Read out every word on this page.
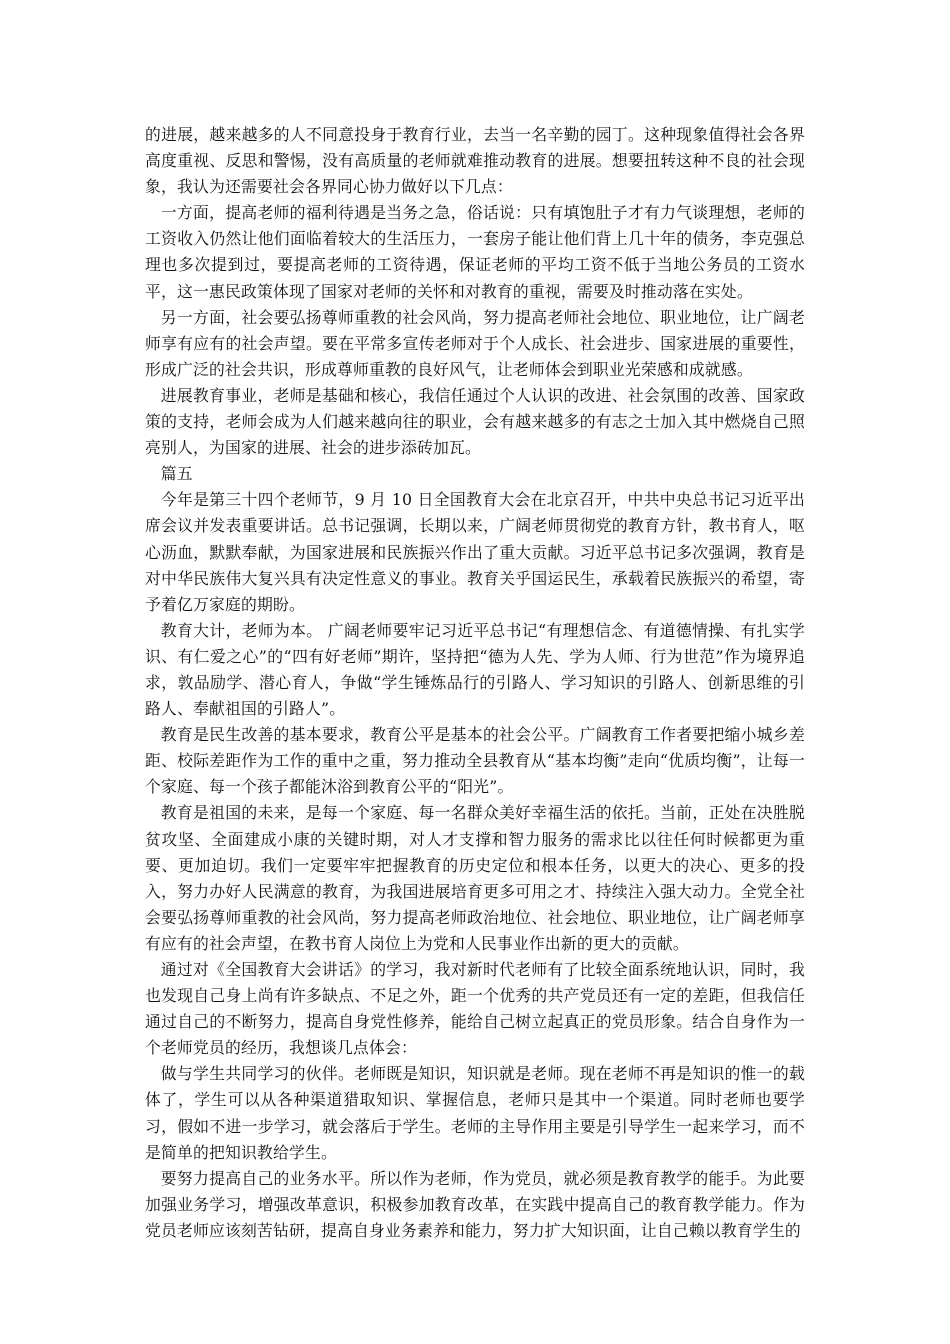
的进展，越来越多的人不同意投身于教育行业，去当一名辛勤的园丁。这种现象值得社会各界高度重视、反思和警惕，没有高质量的老师就难推动教育的进展。想要扭转这种不良的社会现象，我认为还需要社会各界同心协力做好以下几点：

一方面，提高老师的福利待遇是当务之急，俗话说：只有填饱肚子才有力气谈理想，老师的工资收入仍然让他们面临着较大的生活压力，一套房子能让他们背上几十年的债务，李克强总理也多次提到过，要提高老师的工资待遇，保证老师的平均工资不低于当地公务员的工资水平，这一惠民政策体现了国家对老师的关怀和对教育的重视，需要及时推动落在实处。

另一方面，社会要弘扬尊师重教的社会风尚，努力提高老师社会地位、职业地位，让广阔老师享有应有的社会声望。要在平常多宣传老师对于个人成长、社会进步、国家进展的重要性，形成广泛的社会共识，形成尊师重教的良好风气，让老师体会到职业光荣感和成就感。

进展教育事业，老师是基础和核心，我信任通过个人认识的改进、社会氛围的改善、国家政策的支持，老师会成为人们越来越向往的职业，会有越来越多的有志之士加入其中燃烧自己照亮别人，为国家的进展、社会的进步添砖加瓦。

篇五

今年是第三十四个老师节，9 月 10 日全国教育大会在北京召开，中共中央总书记习近平出席会议并发表重要讲话。总书记强调，长期以来，广阔老师贯彻党的教育方针，教书育人，呕心沥血，默默奉献，为国家进展和民族振兴作出了重大贡献。习近平总书记多次强调，教育是对中华民族伟大复兴具有决定性意义的事业。教育关乎国运民生，承载着民族振兴的希望，寄予着亿万家庭的期盼。

教育大计，老师为本。 广阔老师要牢记习近平总书记“有理想信念、有道德情操、有扎实学识、有仁爱之心”的“四有好老师”期许，坚持把“德为人先、学为人师、行为世范”作为境界追求，敦品励学、潜心育人，争做“学生锤炼品行的引路人、学习知识的引路人、创新思维的引路人、奉献祖国的引路人”。

教育是民生改善的基本要求，教育公平是基本的社会公平。广阔教育工作者要把缩小城乡差距、校际差距作为工作的重中之重，努力推动全县教育从“基本均衡”走向“优质均衡”，让每一个家庭、每一个孩子都能沐浴到教育公平的“阳光”。

教育是祖国的未来，是每一个家庭、每一名群众美好幸福生活的依托。当前，正处在决胜脱贫攻坚、全面建成小康的关键时期，对人才支撑和智力服务的需求比以往任何时候都更为重要、更加迫切。我们一定要牢牢把握教育的历史定位和根本任务，以更大的决心、更多的投入，努力办好人民满意的教育，为我国进展培育更多可用之才、持续注入强大动力。全党全社会要弘扬尊师重教的社会风尚，努力提高老师政治地位、社会地位、职业地位，让广阔老师享有应有的社会声望，在教书育人岗位上为党和人民事业作出新的更大的贡献。

通过对《全国教育大会讲话》的学习，我对新时代老师有了比较全面系统地认识，同时，我也发现自己身上尚有许多缺点、不足之外，距一个优秀的共产党员还有一定的差距，但我信任通过自己的不断努力，提高自身党性修养，能给自己树立起真正的党员形象。结合自身作为一个老师党员的经历，我想谈几点体会：

做与学生共同学习的伙伴。老师既是知识，知识就是老师。现在老师不再是知识的惟一的载体了，学生可以从各种渠道猎取知识、掌握信息，老师只是其中一个渠道。同时老师也要学习，假如不进一步学习，就会落后于学生。老师的主导作用主要是引导学生一起来学习，而不是简单的把知识教给学生。

要努力提高自己的业务水平。所以作为老师，作为党员，就必须是教育教学的能手。为此要加强业务学习，增强改革意识，积极参加教育改革，在实践中提高自己的教育教学能力。作为党员老师应该刻苦钻研，提高自身业务素养和能力，努力扩大知识面，让自己赖以教育学生的
